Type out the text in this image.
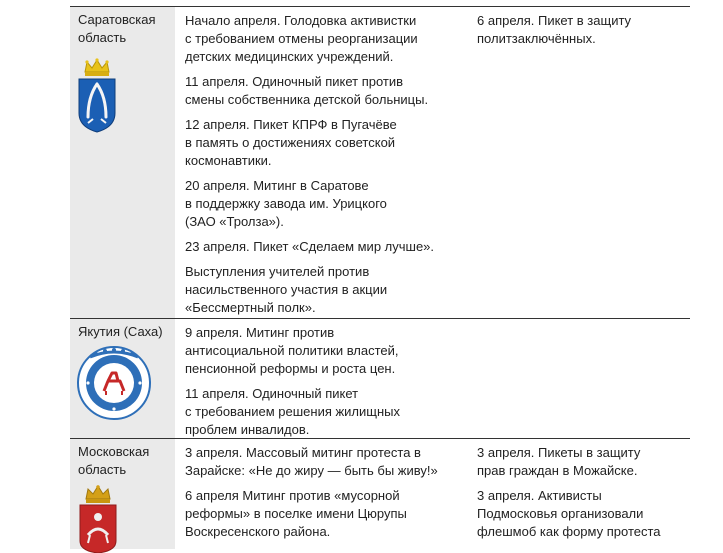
Саратовская
область
Начало апреля. Голодовка активистки
с требованием отмены реорганизации
детских медицинских учреждений.
11 апреля. Одиночный пикет против
смены собственника детской больницы.
12 апреля. Пикет КПРФ в Пугачёве
в память о достижениях советской
космонавтики.
20 апреля. Митинг в Саратове
в поддержку завода им. Урицкого
(ЗАО «Тролза»).
23 апреля. Пикет «Сделаем мир лучше».
Выступления учителей против
насильственного участия в акции
«Бессмертный полк».
6 апреля. Пикет в защиту
политзаключённых.
Якутия (Саха)	9 апреля. Митинг против
антисоциальной политики властей,
пенсионной реформы и роста цен.
11 апреля. Одиночный пикет
с требованием решения жилищных
проблем инвалидов.
Московская
область
3 апреля. Массовый митинг протеста в
Зарайске: «Не до жиру — быть бы живу!»
6 апреля Митинг против «мусорной
реформы» в поселке имени Цюрупы
Воскресенского района.
3 апреля. Пикеты в защиту
прав граждан в Можайске.
3 апреля. Активисты
Подмосковья организовали
флешмоб как форму протеста
